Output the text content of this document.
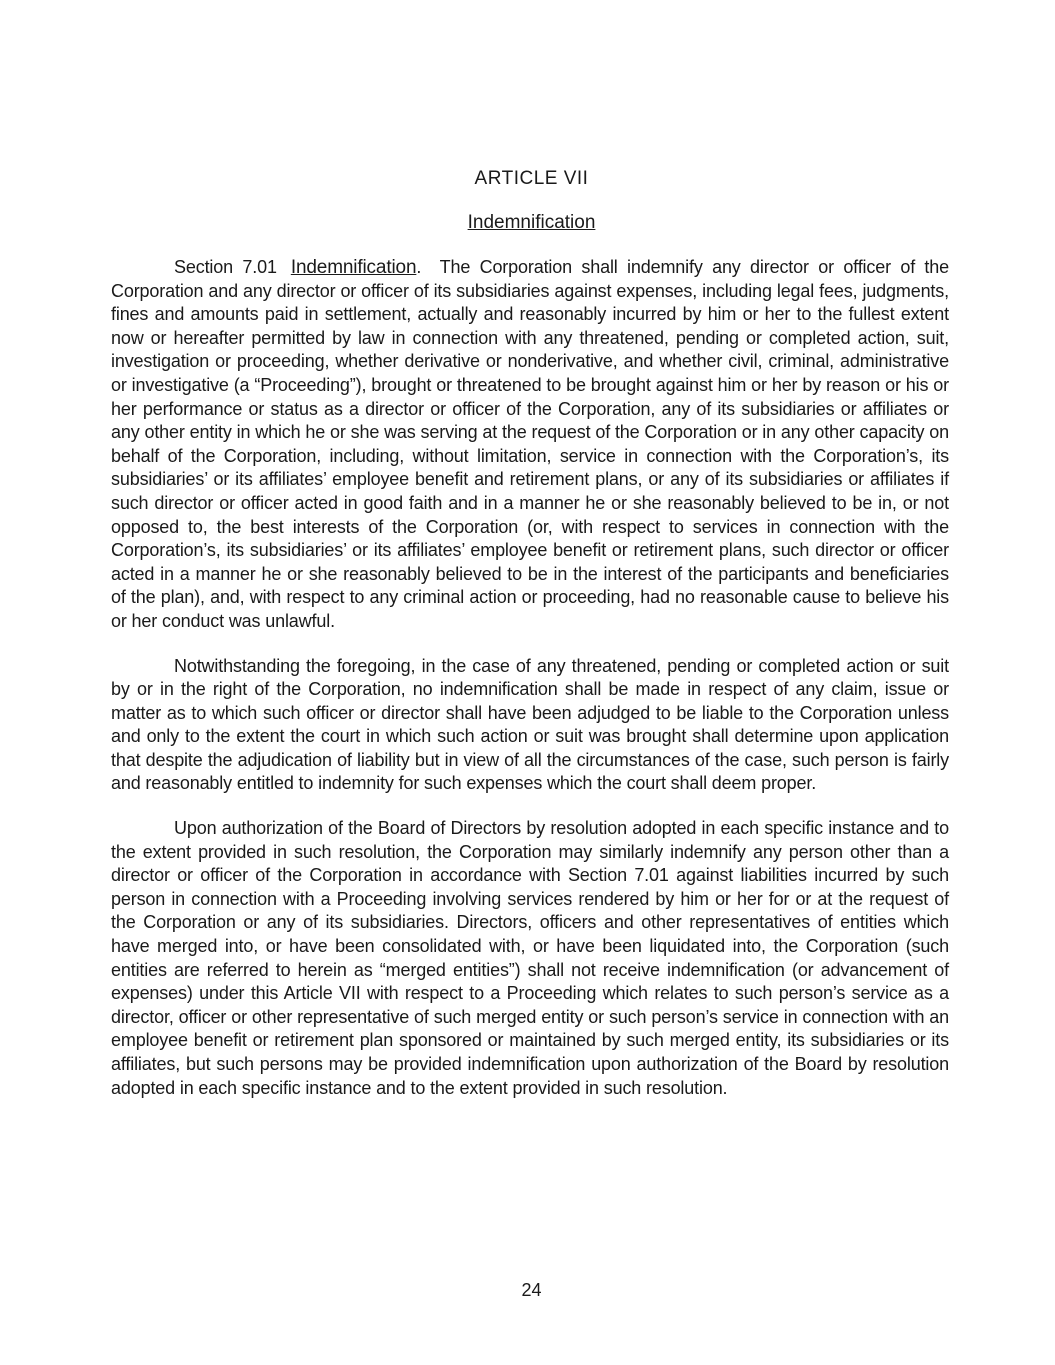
ARTICLE VII
Indemnification

Section 7.01 Indemnification. The Corporation shall indemnify any director or officer of the Corporation and any director or officer of its subsidiaries against expenses, including legal fees, judgments, fines and amounts paid in settlement, actually and reasonably incurred by him or her to the fullest extent now or hereafter permitted by law in connection with any threatened, pending or completed action, suit, investigation or proceeding, whether derivative or nonderivative, and whether civil, criminal, administrative or investigative (a “Proceeding”), brought or threatened to be brought against him or her by reason or his or her performance or status as a director or officer of the Corporation, any of its subsidiaries or affiliates or any other entity in which he or she was serving at the request of the Corporation or in any other capacity on behalf of the Corporation, including, without limitation, service in connection with the Corporation’s, its subsidiaries’ or its affiliates’ employee benefit and retirement plans, or any of its subsidiaries or affiliates if such director or officer acted in good faith and in a manner he or she reasonably believed to be in, or not opposed to, the best interests of the Corporation (or, with respect to services in connection with the Corporation’s, its subsidiaries’ or its affiliates’ employee benefit or retirement plans, such director or officer acted in a manner he or she reasonably believed to be in the interest of the participants and beneficiaries of the plan), and, with respect to any criminal action or proceeding, had no reasonable cause to believe his or her conduct was unlawful.

Notwithstanding the foregoing, in the case of any threatened, pending or completed action or suit by or in the right of the Corporation, no indemnification shall be made in respect of any claim, issue or matter as to which such officer or director shall have been adjudged to be liable to the Corporation unless and only to the extent the court in which such action or suit was brought shall determine upon application that despite the adjudication of liability but in view of all the circumstances of the case, such person is fairly and reasonably entitled to indemnity for such expenses which the court shall deem proper.

Upon authorization of the Board of Directors by resolution adopted in each specific instance and to the extent provided in such resolution, the Corporation may similarly indemnify any person other than a director or officer of the Corporation in accordance with Section 7.01 against liabilities incurred by such person in connection with a Proceeding involving services rendered by him or her for or at the request of the Corporation or any of its subsidiaries. Directors, officers and other representatives of entities which have merged into, or have been consolidated with, or have been liquidated into, the Corporation (such entities are referred to herein as “merged entities”) shall not receive indemnification (or advancement of expenses) under this Article VII with respect to a Proceeding which relates to such person’s service as a director, officer or other representative of such merged entity or such person’s service in connection with an employee benefit or retirement plan sponsored or maintained by such merged entity, its subsidiaries or its affiliates, but such persons may be provided indemnification upon authorization of the Board by resolution adopted in each specific instance and to the extent provided in such resolution.

24
